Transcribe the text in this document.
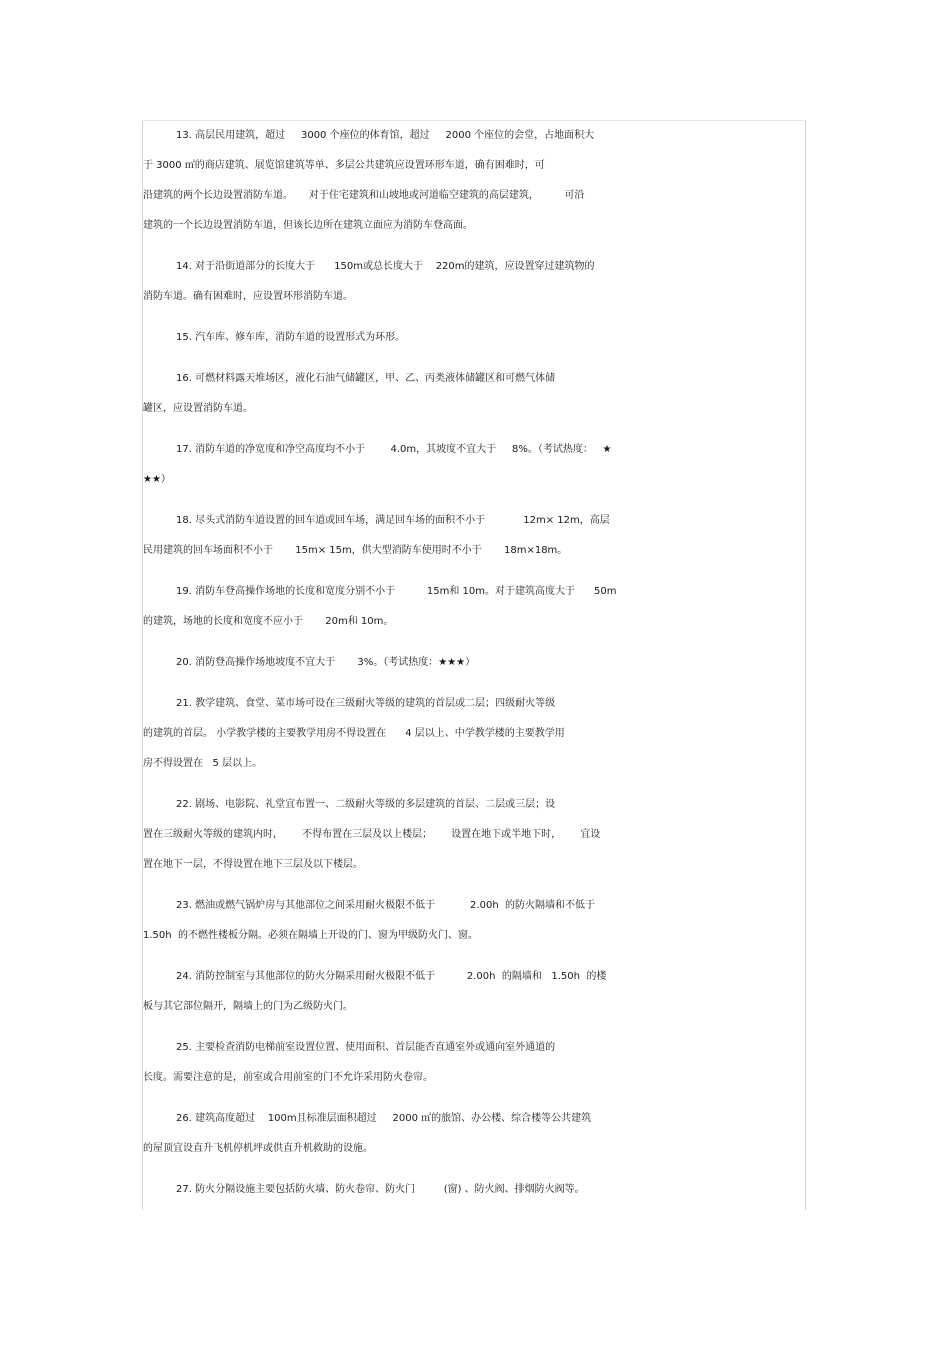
13. 高层民用建筑，超过     3000 个座位的体育馆，超过     2000 个座位的会堂，占地面积大
于 3000 ㎡的商店建筑、展览馆建筑等单、多层公共建筑应设置环形车道，确有困难时，可
沿建筑的两个长边设置消防车道。     对于住宅建筑和山坡地或河道临空建筑的高层建筑，        可沿
建筑的一个长边设置消防车道，但该长边所在建筑立面应为消防车登高面。
14. 对于沿街道部分的长度大于      150m或总长度大于    220m的建筑，应设置穿过建筑物的
消防车道。确有困难时，应设置环形消防车道。
15. 汽车库、修车库，消防车道的设置形式为环形。
16. 可燃材料露天堆场区，液化石油气储罐区，甲、乙、丙类液体储罐区和可燃气体储
罐区，应设置消防车道。
17. 消防车道的净宽度和净空高度均不小于        4.0m，其坡度不宜大于     8%。（考试热度：   ★
★★）
18. 尽头式消防车道设置的回车道或回车场，满足回车场的面积不小于            12m× 12m，高层
民用建筑的回车场面积不小于       15m× 15m，供大型消防车使用时不小于       18m×18m。
19. 消防车登高操作场地的长度和宽度分别不小于          15m和 10m。对于建筑高度大于      50m
的建筑，场地的长度和宽度不应小于       20m和 10m。
20. 消防登高操作场地坡度不宜大于       3%。（考试热度：★★★）
21. 教学建筑、食堂、菜市场可设在三级耐火等级的建筑的首层或二层；四级耐火等级
的建筑的首层。 小学教学楼的主要教学用房不得设置在      4 层以上、中学教学楼的主要教学用
房不得设置在   5 层以上。
22. 剧场、电影院、礼堂宜布置一、二级耐火等级的多层建筑的首层、二层或三层；设
置在三级耐火等级的建筑内时，      不得布置在三层及以上楼层；      设置在地下或半地下时，      宜设
置在地下一层，不得设置在地下三层及以下楼层。
23. 燃油或燃气锅炉房与其他部位之间采用耐火极限不低于           2.00h  的防火隔墙和不低于
1.50h  的不燃性楼板分隔。必须在隔墙上开设的门、窗为甲级防火门、窗。
24. 消防控制室与其他部位的防火分隔采用耐火极限不低于          2.00h  的隔墙和   1.50h  的楼
板与其它部位隔开，隔墙上的门为乙级防火门。
25. 主要检查消防电梯前室设置位置、使用面积、首层能否直通室外或通向室外通道的
长度。需要注意的是，前室或合用前室的门不允许采用防火卷帘。
26. 建筑高度超过    100m且标准层面积超过     2000 ㎡的旅馆、办公楼、综合楼等公共建筑
的屋顶宜设直升飞机停机坪或供直升机救助的设施。
27. 防火分隔设施主要包括防火墙、防火卷帘、防火门         (窗) 、防火阀、排烟防火阀等。
